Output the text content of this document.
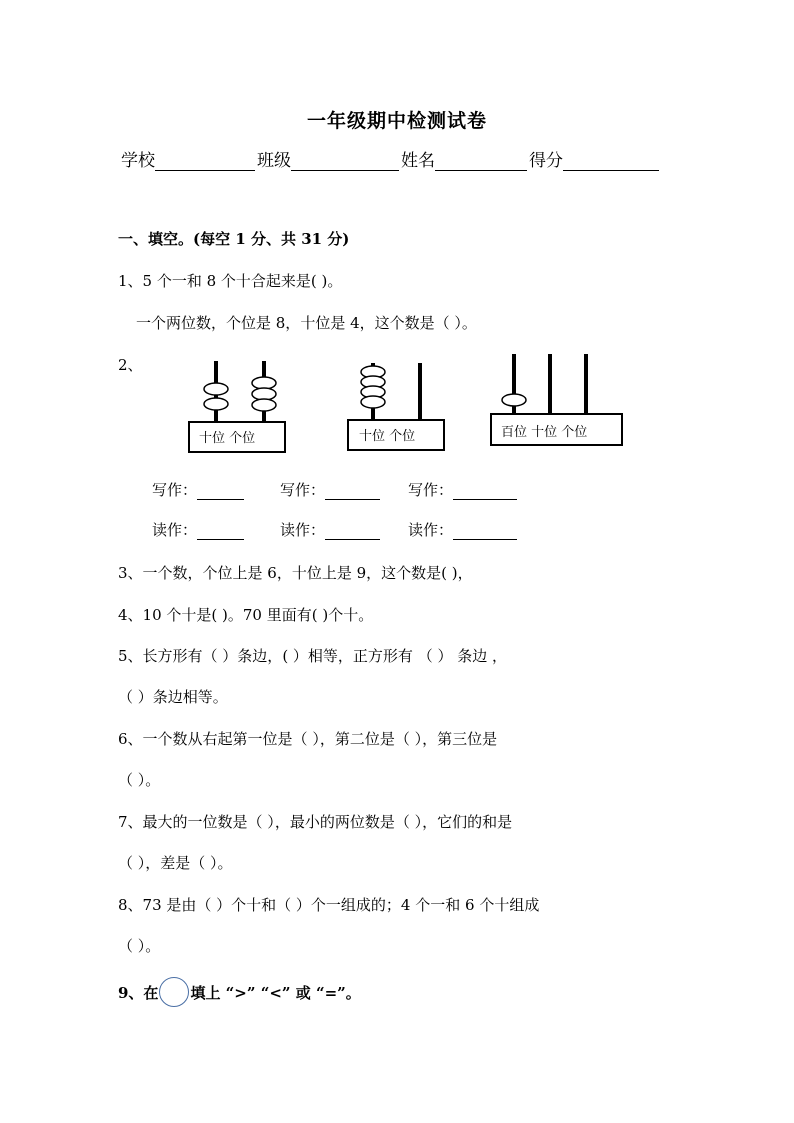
一年级期中检测试卷
学校	班级	姓名	得分
一、填空。(每空 1 分、共 31 分)
1、5 个一和 8 个十合起来是( )。
一个两位数，个位是 8，十位是 4，这个数是（ ）。
2、
十位 个位	十位 个位	百位 十位 个位
写作：	写作：	写作：
读作：	读作：	读作：
3、一个数，个位上是 6，十位上是 9，这个数是( )，
4、10 个十是( )。70 里面有( )个十。
5、长方形有（ ）条边，( ）相等，正方形有 （ ） 条边 ，
（ ）条边相等。
6、一个数从右起第一位是（ ），第二位是（ ），第三位是
（ ）。
7、最大的一位数是（ ），最小的两位数是（ ），它们的和是
（ ），差是（ ）。
8、73 是由（ ）个十和（ ）个一组成的；4 个一和 6 个十组成
（ ）。
9、在 填上 “>” “<” 或 “=”。
